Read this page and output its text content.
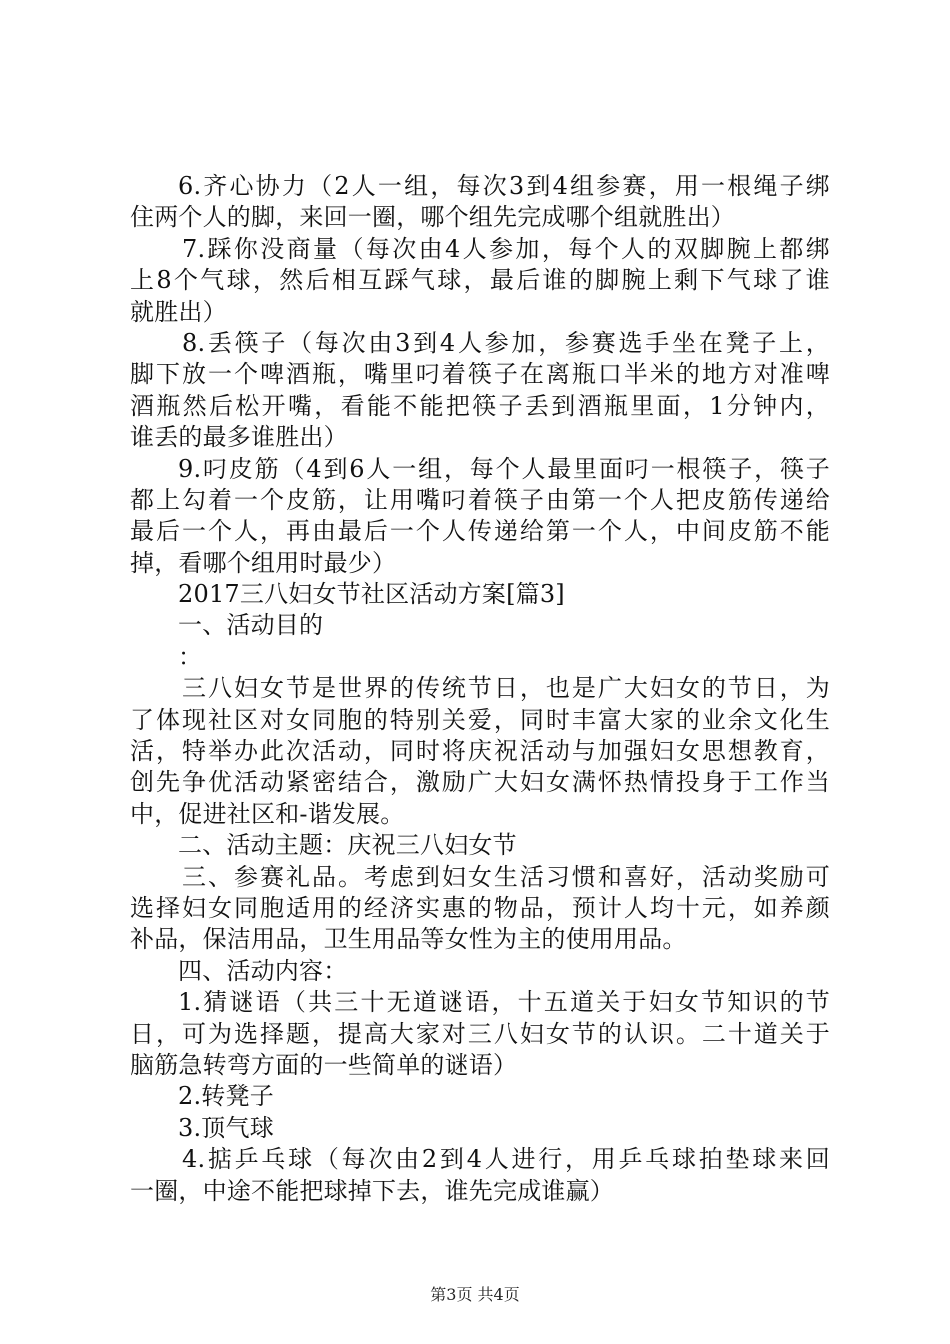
6.齐心协力（2人一组，每次3到4组参赛，用一根绳子绑
住两个人的脚，来回一圈，哪个组先完成哪个组就胜出）
7.踩你没商量（每次由4人参加，每个人的双脚腕上都绑
上8个气球，然后相互踩气球，最后谁的脚腕上剩下气球了谁
就胜出）
8.丢筷子（每次由3到4人参加，参赛选手坐在凳子上，
脚下放一个啤酒瓶，嘴里叼着筷子在离瓶口半米的地方对准啤
酒瓶然后松开嘴，看能不能把筷子丢到酒瓶里面，1分钟内，
谁丢的最多谁胜出）
9.叼皮筋（4到6人一组，每个人最里面叼一根筷子，筷子
都上勾着一个皮筋，让用嘴叼着筷子由第一个人把皮筋传递给
最后一个人，再由最后一个人传递给第一个人，中间皮筋不能
掉，看哪个组用时最少）
2017三八妇女节社区活动方案[篇3]
一、活动目的
：
三八妇女节是世界的传统节日，也是广大妇女的节日，为
了体现社区对女同胞的特别关爱，同时丰富大家的业余文化生
活，特举办此次活动，同时将庆祝活动与加强妇女思想教育，
创先争优活动紧密结合，激励广大妇女满怀热情投身于工作当
中，促进社区和-谐发展。
二、活动主题：庆祝三八妇女节
三、参赛礼品。考虑到妇女生活习惯和喜好，活动奖励可
选择妇女同胞适用的经济实惠的物品，预计人均十元，如养颜
补品，保洁用品，卫生用品等女性为主的使用用品。
四、活动内容：
1.猜谜语（共三十无道谜语，十五道关于妇女节知识的节
日，可为选择题，提高大家对三八妇女节的认识。二十道关于
脑筋急转弯方面的一些简单的谜语）
2.转凳子
3.顶气球
4.掂乒乓球（每次由2到4人进行，用乒乓球拍垫球来回
一圈，中途不能把球掉下去，谁先完成谁赢）
第3页 共4页
